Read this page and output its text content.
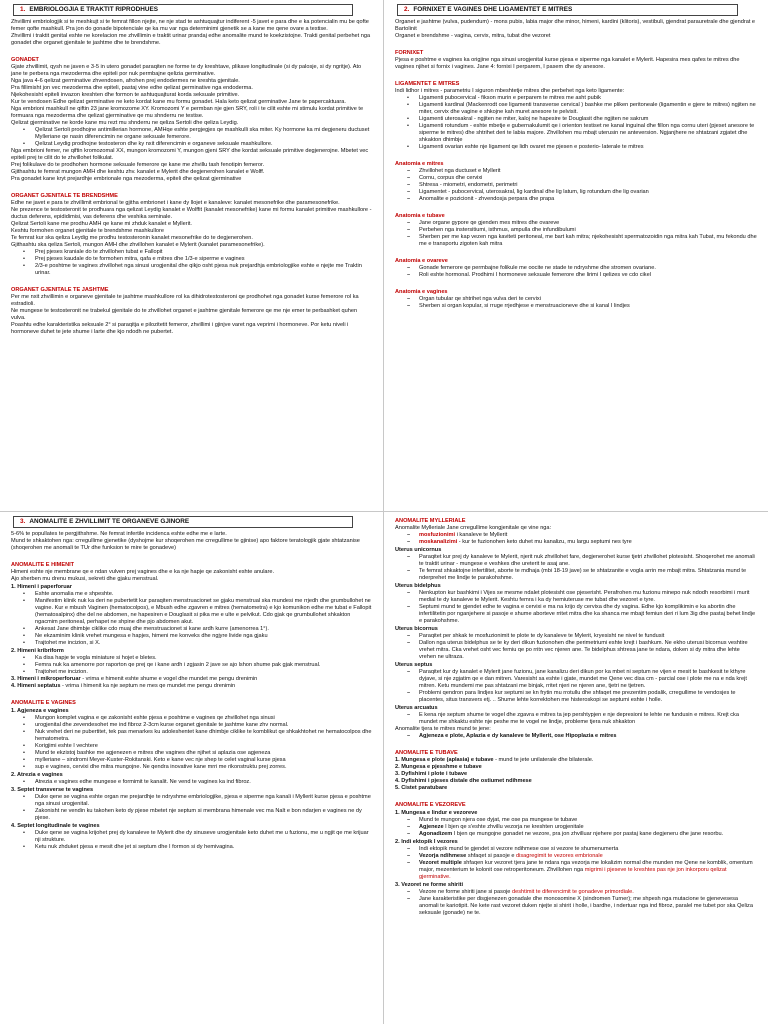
1. EMBRIOLOGJIA E TRAKTIT RIPRODHUES

Zhvillimi embriologjik si te meshkujt si te femrat fillon njejte, ne nje stad te ashtuquajtur indiferent -5 javet e para dhe e ka potencialin mu be qofte femer qofte mashkull. Pra jon do gonade bipotenciale qe ka mu var nga determinimi gjenetik se a kane me qene ovare a testise.

Zhvillimi i traktit genital eshte ne korelacion me zhvillimin e traktit urinar prandaj edhe anomalite mund te koekzistojne. Trakti genital perbehet nga gonadet dhe organet gjenitale te jashtme dhe te brendshme.

GONADET

Gjate zhvillimit, qysh ne javen e 3-5 in utero gonadet paraqiten ne forme te dy kreshtave, plikave longitudinale (si dy palosje, si dy ngritje). Ato jane te perbera nga mezoderma dhe epiteli por nuk permbajne qelizia germinative.

Nga java 4-6 qelizat germinative zhvendosen, afrohen prej endodermes ne kreshta gjenitale.

Pra fillimisht jon vec mezoderma dhe epiteli, pastaj vine edhe qelizat germinative nga endoderma.

Njekohesisht epiteli invazon kreshten dhe formon te ashtuquajturat korda seksuale primitive.

Kur te vendosen Edhe qelizat germinative ne keto kordat kane mu formu gonadet. Hala keto qelizat germinative Jane te papercaktuara.

Nga embrioni mashkull ne qiftin 23 jane kromozome XY. Kromozomi Y e permban nje gjen SRY, roli i te cilit eshte mi stimulu kordat primitive te formuara nga mezoderma dhe qelizat gjerminative qe mu shnderru ne testise.

Qelizat gjerminative ne korde kane mu rezt mu shnderru ne qeliza Sertoli dhe qeliza Leydig.

• Qelizat Sertoli prodhojne antimillerian hormone, AMHqe eshte pergjegjes qe mashkulli ska miter. Ky hormone ka mi degjeneru ductuset Mylleriane qe nasin diferencimin ne organe seksuale femerore.
• Qelizat Leydig prodhojne testosteron dhe ky nxit diferencimin e organeve seksuale mashkullore.

Nga embrioni femer, ne qiftin kromozomal XX, mungon kromozomi Y, mungon gjeni SRY dhe kordat seksuale primitive degjenerojne. Mbetet vec epiteli prej te cilit do te zhvillohet folikulat.

Prej folikulave do te prodhohen hormone seksuale femerore qe kane me zhvillu tash fenotipin femeror.

Gjithashtu te femrat mungon AMH dhe keshtu zhv. kanalet e Mylerit dhe degjenerohen kanalet e Wolff.

Pra gonadet kane kryt prejardhje embrionale nga mezoderma, epiteli dhe qelizat gjerminative

ORGANET GJENITALE TE BRENDSHME

Edhe ne javet e para te zhvillimit embrional te gjitha embrionet i kane dy llojet e kanaleve: kanalet mesonefrike dhe paramesonefrike.

Ne prezence te testosteronit te prodhuara nga qelizat Leydig kanalet e Wolffit (kanalet mesonefrike) kane mi formu kanalet primitive mashkullore - ductus deferens, epididimisi, vas deferens dhe veshika seminale.

Qelizat Sertoli kane me prodhu AMH qe kane mi zhduk kanalet e Myllerit.

Keshtu formohen organet gjenitale te brendshme mashkullore

Te femrat kur ska qeliza Leydig me prodhu testosteronin kanalet mesonefrike do te degjenerohen.

Gjithashtu ska qeliza Sertoli, mungon AMH dhe zhvillohen kanalet e Mylerit (kanalet paramesonefrike).

• Prej pjeses kraniale do te zhvillohen tubat e Fallopit
• Prej pjeses kaudale do te formohen mitra, qafa e mitres dhe 1/3-e siperme e vagines
• 2/3-e poshtme te vagines zhvillohet nga sinusi urogjenital dhe qikjo osht pjesa nuk prejardhja embriologjike eshte e njejte me Traktin urinar.
ORGANET GJENITALE TE JASHTME

Per me nxit zhvillimin e organeve gjenitale te jashtme mashkullore rol ka dihidrotestosteroni qe prodhohet nga gonadet kurse femerore rol ka estradioli.

Ne mungese te testosteronit ne trabekul gjenitale do te zhvillohet organet e jashtme gjenitale femerore qe me nje emer te perbashket quhen vulva.

Poashtu edhe karakteristika seksuale 2° si paraqitja e pilozitetit femeror, zhvillimi i gjinjve varet nga veprimi i hormoneve. Por ketu niveli i hormoneve duhet te jete shume i larte dhe kjo ndodh ne pubertet.

2. FORNIXET E VAGINES DHE LIGAMENTET E MITRES

Organet e jashtme (vulva, pudendum) - mons pubis, labia major dhe minor, himeni, kardini (klitoris), vestibuli, gjendrat parauretrale dhe gjendrat e Bartolinit

Organet e brendshme - vagina, cervix, mitra, tubat dhe vezoret

FORNIXET

Pjesa e poshtme e vagines ka origjine nga sinusi urogjenital kurse pjesa e siperme nga kanalet e Mylerit. Hapesira mes qafes te mitres dhe vagines njihet si fornix i vagines. Jane 4: fornixi I perparem, I pasem dhe dy anesore.

LIGAMENTET E MITRES

Indi lidhor i mitres - parametriu I siguron mbeshtetje mitres dhe perbehet nga keto ligamente:

• Ligamenti pubocervical - fikson murin e perparem te mitres me asht pubik
• Ligamenti kardinal (Mackenrodt ose ligamenti transverse cervical ) bashke me pliken peritoneale (ligamentin e gjere te mitres) ngjiten ne miter, cervix dhe vagine e shkojne kah muret anesore te pelvisit.
• Ligamenti uterosakral - ngjiten ne miter, kaloj ne hapesire te Douglasit dhe ngjiten ne sakrum
• Ligamenti rotundum - eshte mbetje e gubernakulumit qe i orienton testiset ne kanal inguinal dhe fillon nga cornu uteri (pjeset anesore te siperme te mitres) dhe shtrihet deri te labia majore. Zhvillohen mu mbajt uterusin ne anteversion. Ngjanjhere ne shtatzani zgjatet dhe shkakton dhimbje
• Ligamenti ovarian eshte nje ligament qe lidh ovaret me pjesen e posterio- laterale te mitres
Anatomia e mitres
– Zhvillohet nga ductuset e Myllerit
– Cornu, corpus dhe cervixi
– Shtresa - miometri, endometri, perimetri
– Ligamentet - pubocervical, uterosakral, lig kardinal dhe lig latum, lig rotundum dhe lig ovarian
– Anomalite e pozicionit - zhvendosja perpara dhe prapa
Anatomia e tubave
– Jane organe gypore qe gjenden mes mitres dhe ovareve
– Perbehen nga instersitiumi, isthmus, ampulla dhe infundibulumi
– Sherben per me kap vezen nga kaviteti peritoneal, me bart kah mitra; njekohesisht spermatozoidin nga mitra kah Tubat, mu fekondu dhe me e transportu zigoten kah mitra
Anatomia e ovareve
– Gonade femerore qe permbajne folikule me oocite ne stade te ndryshme dhe stromen ovariane.
– Roli eshte hormonal. Prodhimi I hormoneve seksuale femerore dhe lirimi I qelizes ve cdo cikel
Anatomia e vagines
– Organ tubular qe shtrihet nga vulva deri te cervixi
– Sherben si organ kopular, si rruge rrjedhjese e menstruacioneve dhe si kanal I lindjes
3. ANOMALITE E ZHVILLIMIT TE ORGANEVE GJINORE

5-6% te popullates te pergjithshme. Ne femrat infertile incidenca eshte edhe me e larte.

Mund te shkaktohen nga: crregullime gjenetike (dyshojme kur shoqerohen me crregullime te gjinise) apo faktore teratologjik gjate shtatzanise (shoqerohen me anomali te TUr dhe funksion te mire te gonadeve)

ANOMALITE E HIMENIT

Himeni eshte nje membrane qe e ndan vulven prej vagines dhe e ka nje hapje qe zakonisht eshte anulare.

Ajo sherben mu drenu mukusi, sekreti dhe gjaku menstrual.

1. Himeni i paperforuar
• Eshte anomalia me e shpeshte.
• Manifestim klinik nuk ka deri ne pubertetit kur paraqiten menstruacionet se gjaku menstrual ska mundesi me rrjedh dhe grumbullohet ne vagine. Kur e mbush Vaginen (hematocolpos), e Mbush edhe zgavren e mitres (hematometra) e kjo komunikon edhe me tubat e Fallopit (hematosalpinx) dhe del ne abdomen, ne hapesiren e Douglasit si pika me e ulte e pelvikut. Cdo gjak qe grumbullohet shkakton ngacmim peritoneal, perhapet ne shpine dhe pjo abdomen akut.
• Ankesat Jane dhimbje ciklike cdo muaj dhe menstruacionet si kane ardh kurre (amenorrea 1°).
• Ne ekzaminim klinik vrehet mungesa e hapjes, himeni me konveks dhe ngjyre livide nga gjaku
• Trajtohet me incizion, si X.
2. Himeni kribriform
• Ka disa hapje te vogla miniature si hojet e bletes.
• Femra nuk ka amenorre por raporton qe prej qe i kane ardh i zgjasin 2 jave se ajo lshon shume pak gjak menstrual.
• Trajtohet me incizion.

3. Himeni i mikroperforuar - vrima e himenit eshte shume e vogel dhe mundet me pengu drenimin

4. Himeni septatus - vrima i himenit ka nje septum ne mes qe mundet me pengu drenimin

ANOMALITE E VAGINES
1. Agjeneza e vagines
• Mungon komplet vagina e qe zakonisht eshte pjesa e poshtme e vagines qe zhvillohet nga sinusi
• urogjenital dhe zevendesohet me ind fibroz 2-3cm kurse organet gjenitale te jashtme kane zhv normal.
• Nuk vrehet deri ne pubertitet, tek pas menarkes ku adoleshentet kane dhimbje ciklike te komblikut qe shkakhtohet ne hematocolpos dhe hematometra.
• Korigjimi eshte I vechtere
• Mund te ekzistoj bashke me agjenezen e mitres dhe vagines dhe njihet si aplazia ose agjeneza
• mylleriane – sindromi Meyer-Kuster-Rokitanski. Keto e kane vec nje shep te celet vaginal kurse pjesa
• sup e vagines, cervixi dhe mitra mungojne. Ne qendra inovative kane mrri me rikonstruktu prej zorres.
2. Atrezia e vagines
• Atrezia e vagines edhe mungese e formimit te kanalit. Ne vend te vagines ka ind fibroz.
3. Septet transverse te vagines
• Duke qene se vagina eshte organ me prejardhje te ndryshme embriologjike, pjesa e siperme nga kanali i Myllerit kurse pjesa e poshtme nga sinusi urogjenital.
• Zakonisht ne vendin ku takohen keto dy pjese mbetet nje septum si membrana himenale vec ma Nalt e bon ndarjen e vagines ne dy pjese.
4. Septet longitudinale te vagines
• Duke qene se vagina krijohet prej dy kanaleve te Mylerit dhe dy sinuseve urogjenitale keto duhet me u fuzionu, me u ngjit qe me krijuar nji strukture.
• Ketu nuk zhduket pjesa e mesit dhe jet si septum dhe I formon si dy hemivagina.
ANOMALITE MYLLERIALE

Anomalite Mylleriale Jane crregullime kongjenitale qe vine nga:

– mosfuzionimi i kanaleve te Myllerit
– moskanalizimi - kur te fuzionohen keto duhet mu kanalizu, mu largu septumi nes tyre
Uterus unicornus
– Paraqitet kur prej dy kanaleve te Mylerit, njerit nuk zhvillohet fare, degjenerohet kurse tjetri zhvillohet plotesisht. Shoqerohet me anomali te traktit urinar - mungese e veshkes dhe ureterit te asaj ane.
– Te femrat shkaktojne infertilitet, aborte te mdhaja (mbi 18-19 jave) se te shtatzanite e vogla arrin me mbajt mitra. Shtatzania mund te nderprehet me lindje te parakohshme.
Uterus bidelphus
– Nenkupton kur bashkimi i Vijes se mesme ndalet plotesisht ose pjeserisht. Perafrohen mu fuzionu minepo nuk ndodh resorbimi i murit medial te dy kanaleve te Mylerit. Keshtu femra i ka dy hemiuteruse me tubat dhe vezoret e tyre.
– Septumi mund te gjendet edhe te vagina e cervixi e ma na krijo dy cervixa dhe dy vagina. Edhe kjo komplikimin e ka abortin dhe infertilitetin por nganjehere si pasoje e shume aborteve rritet mitra dhe ka shanca me mbajt femiun deri ri lum 3ig dhe pastaj behet lindje e parakohshme.
Uterus bicornus
– Paraqitet per shkak te mosfuzionimit te plote te dy kanaleve te Mylerit, kryesisht ne nivel te fundusit
– Dallon nga uterus bidelphus se te ky deri dikun fuzionohen dhe perimetriumi eshte krejt i bashkum. Ne ekho uterusi bicornus veshtire vrehet mitra. Cka vrehet osht vec femiu qe po rritn vec njeren ane. Te bidelphus shtresa jane te ndara, doken si dy mitra dhe lehte vrehen ne ultraza.
Uterus septus
– Paraqitet kur dy kanalet e Mylerit jane fuzionu, jane kanalizu deri dikun por ka mbet ni septum ne vijen e mesit te bashkesit te kthyre dyjave, si nje zgjatim qe e dan mitren. Varesisht sa eshte i gjate, mundet me Qene vec disa cm - parcial ose i plote me na e nda krejt mitren. Ketu mundemi me pas shtatzani me binjak, rritet njeri ne njeren ane, tjetri ne tjetren.
– Problemi qendron para lindjes kur septumi se kn frytin mu rrotullu dhe shfaqet me prezentim podalik, crregullime te vendosjes te placentes, situs transvers etj. .. Shume lehte korrektohen me histeroskopi se septumi eshte i holle.
Uterus arcuatus
– E kena nje septum shume te vogel dhe zgavra e mitres ta jep pershtypjen e nje depresioni te lehte ne fundusin e mitres. Krejt cka mundet me shkaktu eshte nje peshe me te vogel ne lindje, probleme tjera nuk shkakton

Anomalite tjera te mitres mund te jene:

– Agjeneza e plote, Aplazia e dy kanaleve te Myllerit, ose Hipoplazia e mitres
ANOMALITE E TUBAVE

1. Mungesa e plote (aplasia) e tubave - mund te jete unilaterale dhe bilaterale.

2. Mungesa e pjesshme e tubave

3. Dyfishimi i plote i tubave

4. Dyfishimi i pjeses distale dhe ostiumet ndihmese

5. Cistet paratubare

ANOMALITE E VEZOREVE
1. Mungesa e lindur e vezoreve
– Mund te mungon njera ose dyjat, me ose pa mungese te tubave
– Agjeneze I bjen qe s'eshte zhvillu vezorja ne kreshten urogjenitale
– Agonadizem I bjen qe mungojne gonadet ne vezore, pra jon zhvilluar njehere por pastaj kane degjeneru dhe jane resorbu.
2. Indi ektopik I vezores
– Indi ektopik mund te gjendet si vezore ndihmese ose si vezore te shumenumerta
– Vezorja ndihmese shfaqet si pasoje e disagregimit te vezores embrionale
– Vezoret multiple shfaqen kur vezoret tjera jane te ndara nga vezorja me lokalizim normal dhe munden me Qene ne komblik, omentum major, mezenterium te kolonit ose retroperitoneum. Zhvillohen nga migrimi i pjeseve te kreshtes pas nje jon inkorporu qelizat gjerminative.
3. Vezoret ne forme shiriti
– Vezore ne forme shiriti jane si pasoje deshtimit te diferencimit te gonadeve primordiale.
– Jane karakteristike per disgjenezen gonadale dhe monosomine X (sindromen Turner); me shpesh nga mutacione te gjenevesesa anomali te kariotipit. Ne kete rast vezoret duken njejte si shirit i holle, i bardhe, i ndertuar nga ind fibroz, paralel me tubet por ska Qeliza seksuale (gonade) ne te.
